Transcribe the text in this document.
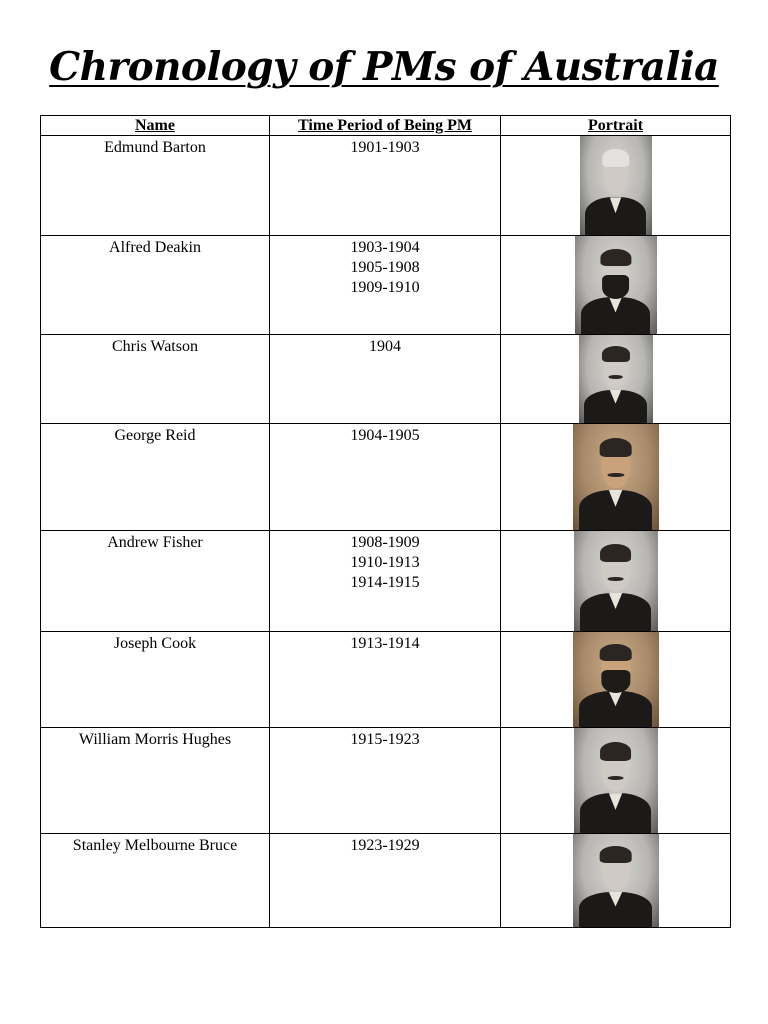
Chronology of PMs of Australia
Name	Time Period of Being PM	Portrait
Edmund Barton	1901-1903	

Alfred Deakin	1903-1904
1905-1908
1909-1910	

Chris Watson	1904	

George Reid	1904-1905	

Andrew Fisher	1908-1909
1910-1913
1914-1915	

Joseph Cook	1913-1914	

William Morris Hughes	1915-1923	

Stanley Melbourne Bruce	1923-1929	
